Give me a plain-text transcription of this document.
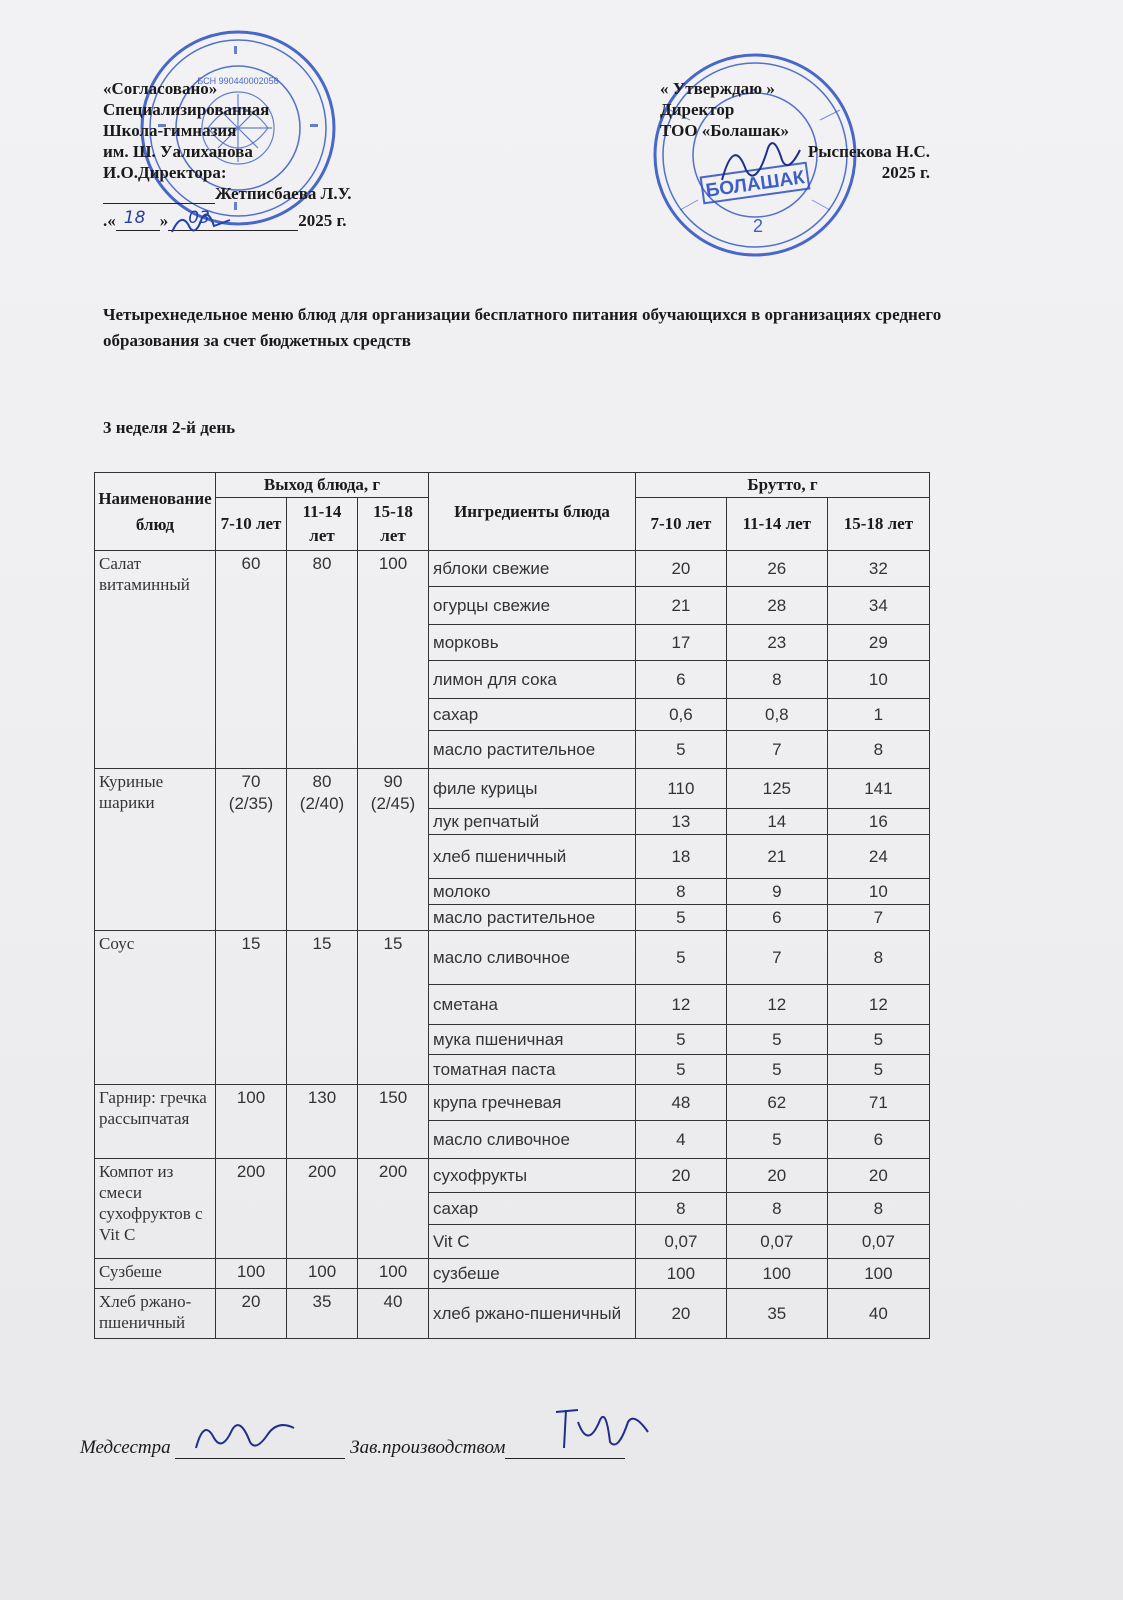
БСН 990440002056
БОЛАШАК
2
«Согласовано»
Специализированная
Школа-гимназия
им. Ш. Уалиханова
И.О.Директора:
Жетписбаева Л.У.
.« 18 » 03	2025 г.
« Утверждаю »
Директор
ТОО «Болашак»
Рыспекова Н.С.
2025 г.
Четырехнедельное меню блюд для организации бесплатного питания обучающихся в организациях среднего образования за счет бюджетных средств
3 неделя 2-й день
Наименование блюд	Выход блюда, г			Ингредиенты блюда	Брутто, г		
	7-10 лет	11-14 лет	15-18 лет		7-10 лет	11-14 лет	15-18 лет
Салат витаминный	60	80	100	яблоки свежие	20	26	32
				огурцы свежие	21	28	34
				морковь	17	23	29
				лимон для сока	6	8	10
				сахар	0,6	0,8	1
				масло растительное	5	7	8
Куриные шарики	70 (2/35)	80 (2/40)	90 (2/45)	филе курицы	110	125	141
				лук репчатый	13	14	16
				хлеб пшеничный	18	21	24
				молоко	8	9	10
				масло растительное	5	6	7
Соус	15	15	15	масло сливочное	5	7	8
				сметана	12	12	12
				мука пшеничная	5	5	5
				томатная паста	5	5	5
Гарнир: гречка рассыпчатая	100	130	150	крупа гречневая	48	62	71
				масло сливочное	4	5	6
Компот из смеси сухофруктов с Vit C	200	200	200	сухофрукты	20	20	20
				сахар	8	8	8
				Vit C	0,07	0,07	0,07
Сузбеше	100	100	100	сузбеше	100	100	100
Хлеб ржано-пшеничный	20	35	40	хлеб ржано-пшеничный	20	35	40
Медсестра	Зав.производством
